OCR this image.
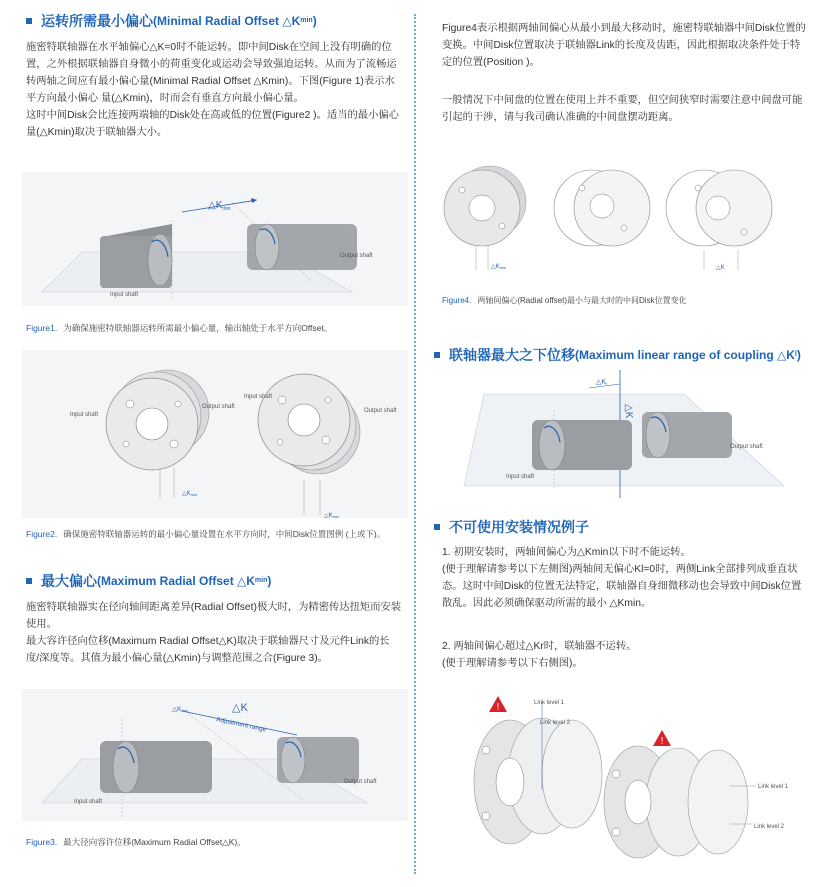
运转所需最小偏心 (Minimal Radial Offset △K min )

施密特联轴器在水平轴偏心△K=0时不能运转。即中间Disk在空间上没有明确的位置，之外根据联轴器自身微小的荷重变化或运动会导致强迫运转。从而为了流畅运转两轴之间应有最小偏心量(Minimal Radial Offset △Kmin)。下图(Figure 1)表示水平方向最小偏心 量(△Kmin)，时而会有垂直方向最小偏心量。
这时中间Disk会比连接两端轴的Disk处在高或低的位置(Figure2 )。适当的最小偏心量(△Kmin)取决于联轴器大小。

Input shaft
Output shaft
$\triangle K_{min}$
Figure1. 为确保施密特联轴器运转所需最小偏心量，输出轴处于水平方向Offset。
△Kmin
Input shaft
Output shaft
△Kmin
Input shaft
Output shaft
Figure2. 确保施密特联轴器运转的最小偏心量设置在水平方向时，中间Disk位置图例 (上或下)。
最大偏心 (Maximum Radial Offset △K min )

施密特联轴器实在径向轴间距离差异(Radial Offset)极大时，为精密传达扭矩而安装使用。
最大容许径向位移(Maximum Radial Offset△K)取决于联轴器尺寸及元件Link的长度/深度等。其值为最小偏心量(△Kmin)与调整范围之合(Figure 3)。

Adjustment range
Input shaft
Output shaft
△Kmin	△K
Figure3. 最大径向容许位移(Maximum Radial Offset△K)。

Figure4表示根据两轴间偏心从最小到最大移动时，施密特联轴器中间Disk位置的变换。中间Disk位置取决于联轴器Link的长度及齿距，因此根据取决条件处于特定的位置(Position )。

一般情况下中间盘的位置在使用上并不重要，但空间狭窄时需要注意中间盘可能引起的干涉，请与我司确认准确的中间盘摆动距离。

△Kmin	△K
Figure4. 两轴间偏心(Radial offset)最小与最大时的中间Disk位置变化
联轴器最大之下位移 (Maximum linear range of coupling △K l )
△Kl
△K
Input shaft
Output shaft
不可使用安装情况例子

1. 初期安装时，两轴间偏心为△Kmin以下时不能运转。
(便于理解请参考以下左侧图)两轴间无偏心Kl=0时，两侧Link全部排列成垂直状态。这时中间Disk的位置无法特定，联轴器自身细微移动也会导致中间Disk位置散乱。因此必须确保驱动所需的最小 △Kmin。

2. 两轴间偏心超过△Kr时，联轴器不运转。
(便于理解请参考以下右侧图)。

!	Link level 1
Link level 2
!
Link level 1
Link level 2
